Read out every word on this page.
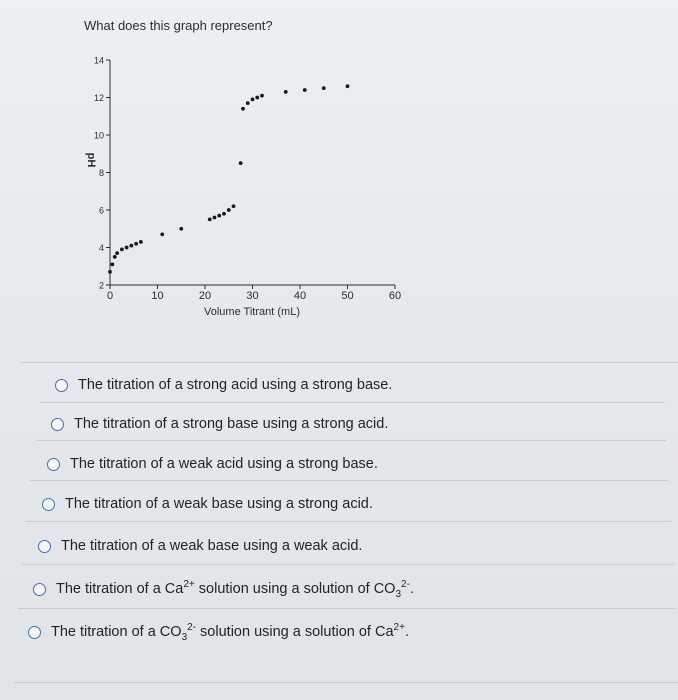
What does this graph represent?
2
4
6
8
10
12
14
0	10	20	30	40	50	60
pH
Volume Titrant (mL)
The titration of a strong acid using a strong base.
The titration of a strong base using a strong acid.
The titration of a weak acid using a strong base.
The titration of a weak base using a strong acid.
The titration of a weak base using a weak acid.
The titration of a $Ca^{2+}$ solution using a solution of $CO_3^{2-}$.
The titration of a $CO_3^{2-}$ solution using a solution of $Ca^{2+}$.
